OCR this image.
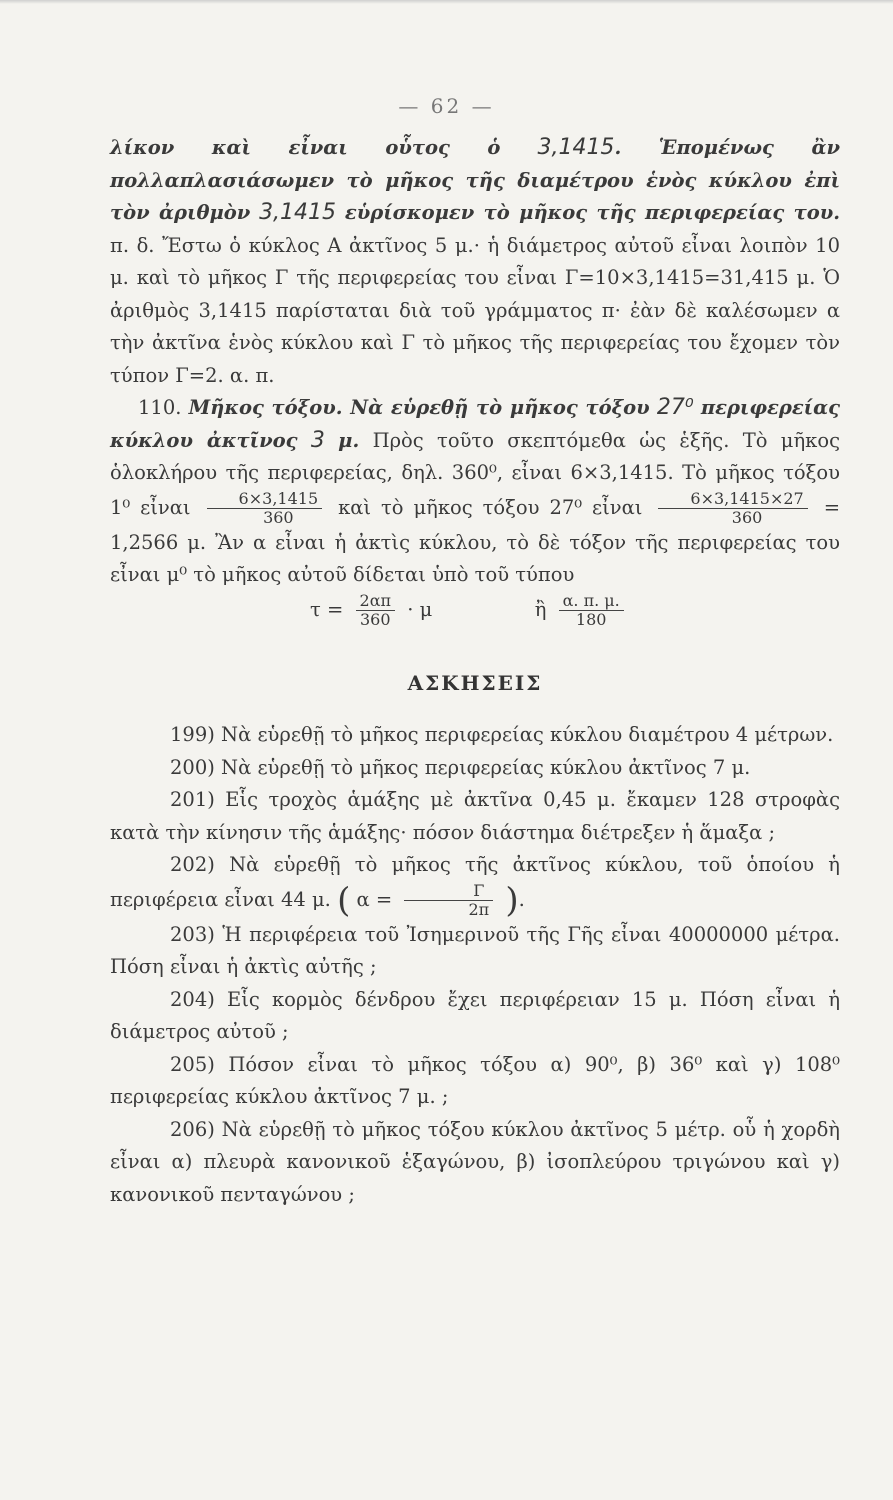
— 62 —

λίκον καὶ εἶναι οὗτος ὁ 3,1415. Ἑπομένως ἂν πολλαπλασιάσωμεν τὸ μῆκος τῆς διαμέτρου ἑνὸς κύκλου ἐπὶ τὸν ἀριθμὸν 3,1415 εὑρίσκομεν τὸ μῆκος τῆς περιφερείας του. π. δ. Ἔστω ὁ κύκλος Α ἀκτῖνος 5 μ.· ἡ διάμετρος αὐτοῦ εἶναι λοιπὸν 10 μ. καὶ τὸ μῆκος Γ τῆς περιφερείας του εἶναι Γ=10×3,1415=31,415 μ. Ὁ ἀριθμὸς 3,1415 παρίσταται διὰ τοῦ γράμματος π· ἐὰν δὲ καλέσωμεν α τὴν ἀκτῖνα ἑνὸς κύκλου καὶ Γ τὸ μῆκος τῆς περιφερείας του ἔχομεν τὸν τύπον Γ=2. α. π.

110. Μῆκος τόξου. Νὰ εὑρεθῇ τὸ μῆκος τόξου 27⁰ περιφερείας κύκλου ἀκτῖνος 3 μ. Πρὸς τοῦτο σκεπτόμεθα ὡς ἑξῆς. Τὸ μῆκος ὁλοκλήρου τῆς περιφερείας, δηλ. 360⁰, εἶναι 6×3,1415. Τὸ μῆκος τόξου 1⁰ εἶναι $\frac{6\times 3,1415}{360}$ καὶ τὸ μῆκος τόξου 27⁰ εἶναι $\frac{6\times 3,1415\times 27}{360} = 1,2566$ μ. Ἂν α εἶναι ἡ ἀκτὶς κύκλου, τὸ δὲ τόξον τῆς περιφερείας του εἶναι μ⁰ τὸ μῆκος αὐτοῦ δίδεται ὑπὸ τοῦ τύπου

$\tau = \frac{2\alpha\pi}{360} \cdot \mu$	ἢ $\frac{\alpha. \pi. \mu.}{180}$

ΑΣΚΗΣΕΙΣ

199) Νὰ εὑρεθῇ τὸ μῆκος περιφερείας κύκλου διαμέτρου 4 μέτρων.

200) Νὰ εὑρεθῇ τὸ μῆκος περιφερείας κύκλου ἀκτῖνος 7 μ.

201) Εἷς τροχὸς ἁμάξης μὲ ἀκτῖνα 0,45 μ. ἔκαμεν 128 στροφὰς κατὰ τὴν κίνησιν τῆς ἁμάξης· πόσον διάστημα διέτρεξεν ἡ ἅμαξα ;

202) Νὰ εὑρεθῇ τὸ μῆκος τῆς ἀκτῖνος κύκλου, τοῦ ὁποίου ἡ περιφέρεια εἶναι 44 μ. ( $\alpha = \frac{\Gamma}{2\pi}$ ).

203) Ἡ περιφέρεια τοῦ Ἰσημερινοῦ τῆς Γῆς εἶναι 40000000 μέτρα. Πόση εἶναι ἡ ἀκτὶς αὐτῆς ;

204) Εἷς κορμὸς δένδρου ἔχει περιφέρειαν 15 μ. Πόση εἶναι ἡ διάμετρος αὐτοῦ ;

205) Πόσον εἶναι τὸ μῆκος τόξου α) 90⁰, β) 36⁰ καὶ γ) 108⁰ περιφερείας κύκλου ἀκτῖνος 7 μ. ;

206) Νὰ εὑρεθῇ τὸ μῆκος τόξου κύκλου ἀκτῖνος 5 μέτρ. οὗ ἡ χορδὴ εἶναι α) πλευρὰ κανονικοῦ ἑξαγώνου, β) ἰσοπλεύρου τριγώνου καὶ γ) κανονικοῦ πενταγώνου ;
